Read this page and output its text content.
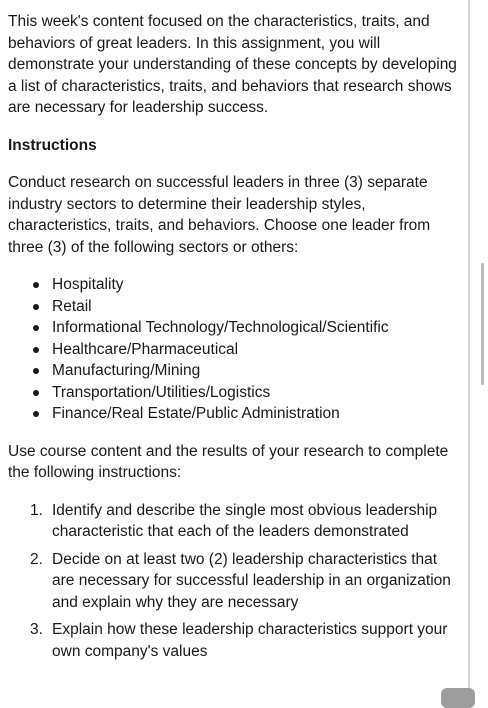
This week's content focused on the characteristics, traits, and behaviors of great leaders. In this assignment, you will demonstrate your understanding of these concepts by developing a list of characteristics, traits, and behaviors that research shows are necessary for leadership success.

Instructions

Conduct research on successful leaders in three (3) separate industry sectors to determine their leadership styles, characteristics, traits, and behaviors. Choose one leader from three (3) of the following sectors or others:

Hospitality
Retail
Informational Technology/Technological/Scientific
Healthcare/Pharmaceutical
Manufacturing/Mining
Transportation/Utilities/Logistics
Finance/Real Estate/Public Administration

Use course content and the results of your research to complete the following instructions:

1. Identify and describe the single most obvious leadership characteristic that each of the leaders demonstrated
2. Decide on at least two (2) leadership characteristics that are necessary for successful leadership in an organization and explain why they are necessary
3. Explain how these leadership characteristics support your own company's values
